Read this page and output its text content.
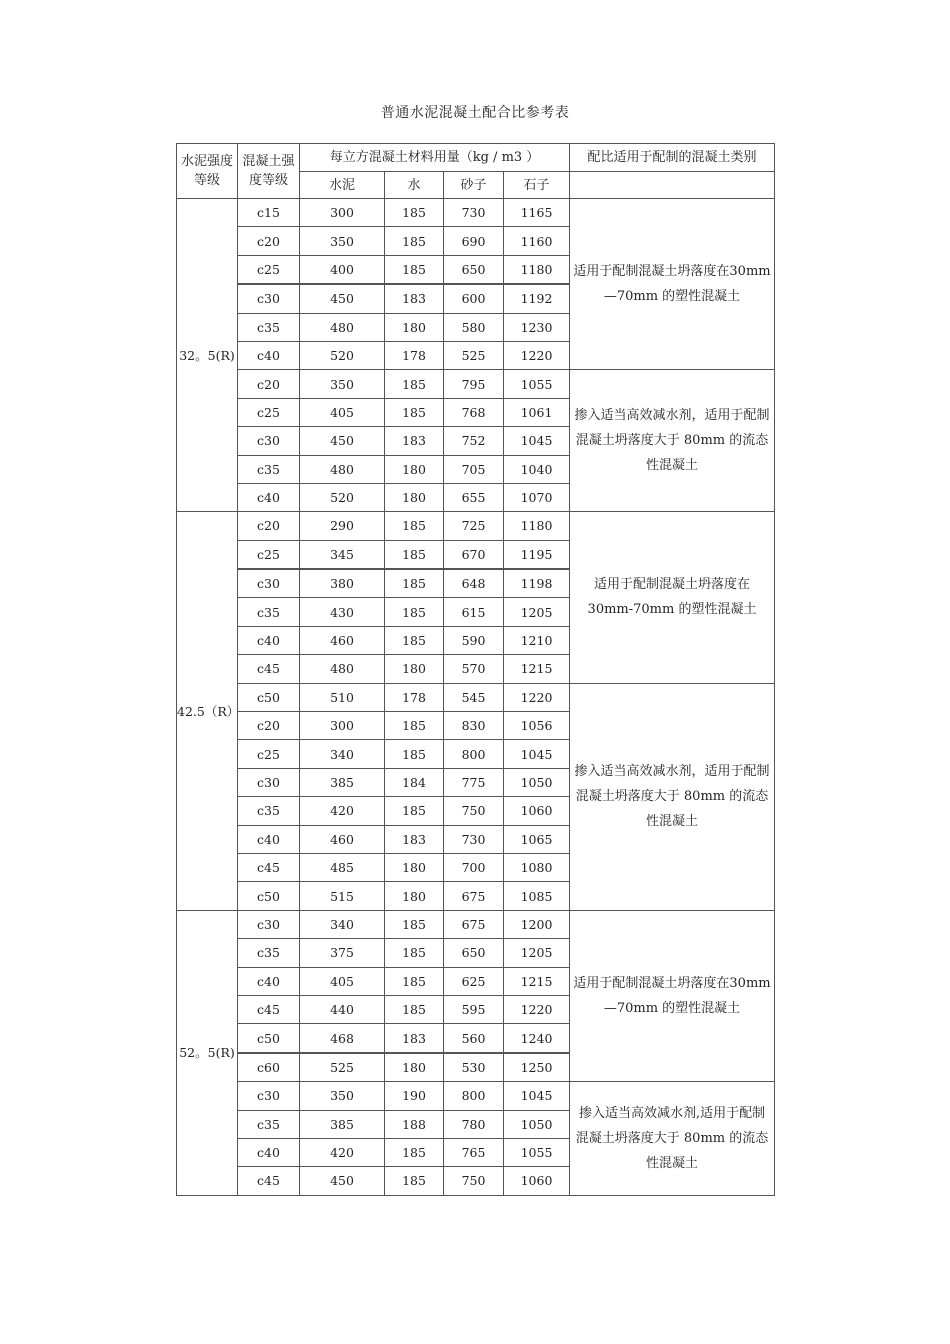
普通水泥混凝土配合比参考表
水泥强度等级	混凝土强度等级	每立方混凝土材料用量（kg / m3 ）				配比适用于配制的混凝土类别
		水泥	水	砂子	石子	
32。5(R)	c15	300	185	730	1165	适用于配制混凝土坍落度在30mm—70mm 的塑性混凝土
	c20	350	185	690	1160	
	c25	400	185	650	1180	
	c30	450	183	600	1192	
	c35	480	180	580	1230	
	c40	520	178	525	1220	
	c20	350	185	795	1055	掺入适当高效减水剂，适用于配制混凝土坍落度大于 80mm 的流态性混凝土
	c25	405	185	768	1061	
	c30	450	183	752	1045	
	c35	480	180	705	1040	
	c40	520	180	655	1070	
42.5（R）	c20	290	185	725	1180	适用于配制混凝土坍落度在30mm-70mm 的塑性混凝土
	c25	345	185	670	1195	
	c30	380	185	648	1198	
	c35	430	185	615	1205	
	c40	460	185	590	1210	
	c45	480	180	570	1215	
	c50	510	178	545	1220	掺入适当高效减水剂，适用于配制混凝土坍落度大于 80mm 的流态性混凝土
	c20	300	185	830	1056	
	c25	340	185	800	1045	
	c30	385	184	775	1050	
	c35	420	185	750	1060	
	c40	460	183	730	1065	
	c45	485	180	700	1080	
	c50	515	180	675	1085	
52。5(R)	c30	340	185	675	1200	适用于配制混凝土坍落度在30mm—70mm 的塑性混凝土
	c35	375	185	650	1205	
	c40	405	185	625	1215	
	c45	440	185	595	1220	
	c50	468	183	560	1240	
	c60	525	180	530	1250	
	c30	350	190	800	1045	掺入适当高效减水剂,适用于配制混凝土坍落度大于 80mm 的流态性混凝土
	c35	385	188	780	1050	
	c40	420	185	765	1055	
	c45	450	185	750	1060	
